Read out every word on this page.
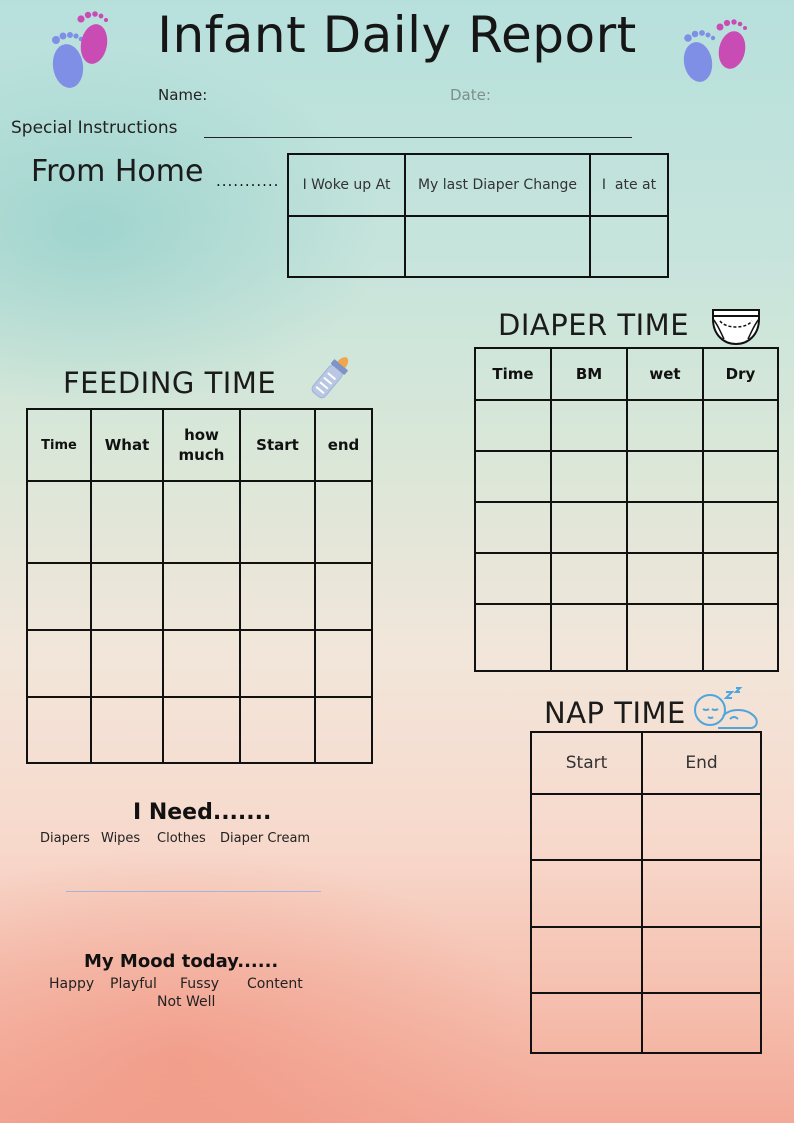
Infant Daily Report
Name:	Date:
Special Instructions
From Home ........... I Woke up At	My last Diaper Change	I  ate at

DIAPER TIME
Time	BM	wet	Dry

FEEDING TIME
Time	What	how much	Start	end

NAP TIME
Start	End

I Need.......
Diapers Wipes Clothes Diaper Cream
My Mood today......
Happy Playful Fussy Content
Not Well
